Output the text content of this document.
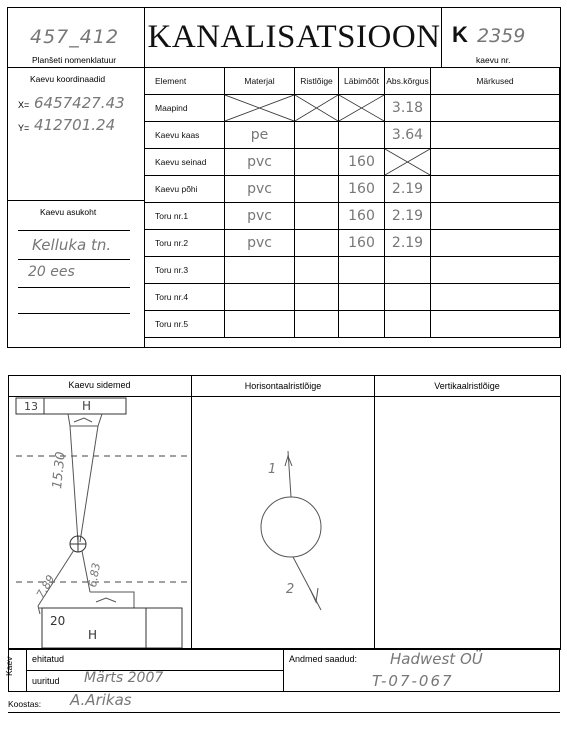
457_412
Planšeti nomenklatuur
KANALISATSIOON K 2359
kaevu nr.
Kaevu koordinaadid
X= 6457427.43
Y= 412701.24
Kaevu asukoht
Kelluka tn.
20 ees
Element	Materjal	Ristlõige	Läbimõõt	Abs.kõrgus	Märkused
Maapind				3.18	
Kaevu kaas	pe			3.64	
Kaevu seinad	pvc		160	

Kaevu põhi	pvc		160	2.19	
Toru nr.1	pvc		160	2.19	
Toru nr.2	pvc		160	2.19	
Toru nr.3					
Toru nr.4					
Toru nr.5					
Kaevu sidemed	Horisontaalristlõige	Vertikaalristlõige
13	H
15.30
7.89	6.83
20
H
1
2
Kaev ehitatud
uuritud Märts 2007
Andmed saadud: Hadwest OÜ
T-07-067
Koostas: A.Arikas
